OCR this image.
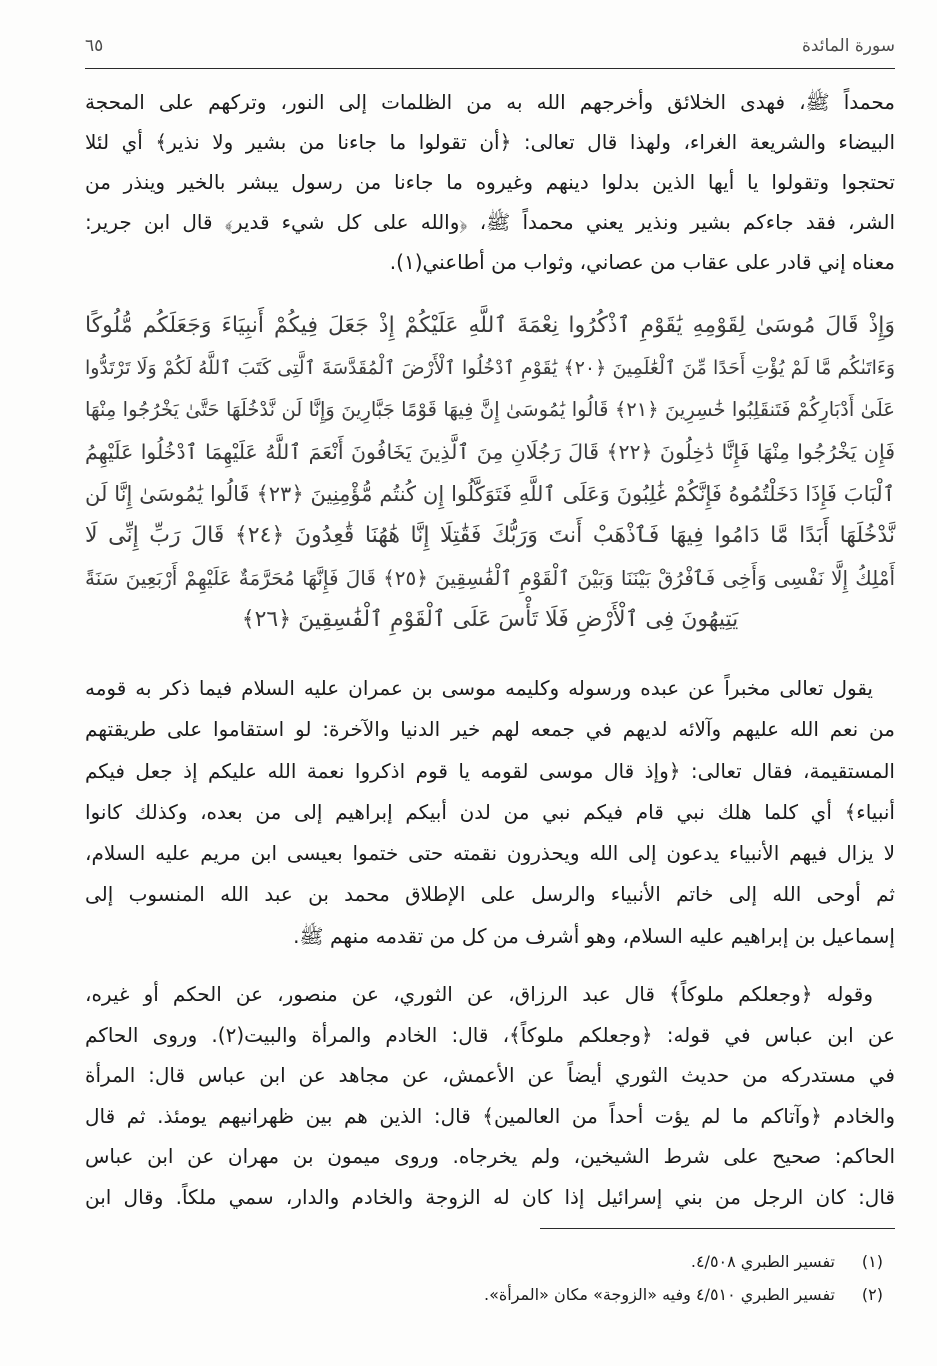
سورة المائدة
٦٥
محمداً ﷺ، فهدى الخلائق وأخرجهم الله به من الظلمات إلى النور، وتركهم على المحجة
البيضاء والشريعة الغراء، ولهذا قال تعالى: ﴿أن تقولوا ما جاءنا من بشير ولا نذير﴾ أي لئلا
تحتجوا وتقولوا يا أيها الذين بدلوا دينهم وغيروه ما جاءنا من رسول يبشر بالخير وينذر من
الشر، فقد جاءكم بشير ونذير يعني محمداً ﷺ، ﴿والله على كل شيء قدير﴾ قال ابن جرير:
معناه إني قادر على عقاب من عصاني، وثواب من أطاعني(١).
وَإِذْ قَالَ مُوسَىٰ لِقَوْمِهِ يَٰقَوْمِ ٱذْكُرُوا نِعْمَةَ ٱللَّهِ عَلَيْكُمْ إِذْ جَعَلَ فِيكُمْ أَنبِيَاءَ وَجَعَلَكُم مُّلُوكًا
وَءَاتَىٰكُم مَّا لَمْ يُؤْتِ أَحَدًا مِّنَ ٱلْعَٰلَمِينَ ﴿٢٠﴾ يَٰقَوْمِ ٱدْخُلُوا ٱلْأَرْضَ ٱلْمُقَدَّسَةَ ٱلَّتِى كَتَبَ ٱللَّهُ لَكُمْ وَلَا تَرْتَدُّوا
عَلَىٰ أَدْبَارِكُمْ فَتَنقَلِبُوا خَٰسِرِينَ ﴿٢١﴾ قَالُوا يَٰمُوسَىٰ إِنَّ فِيهَا قَوْمًا جَبَّارِينَ وَإِنَّا لَن نَّدْخُلَهَا حَتَّىٰ يَخْرُجُوا مِنْهَا
فَإِن يَخْرُجُوا مِنْهَا فَإِنَّا دَٰخِلُونَ ﴿٢٢﴾ قَالَ رَجُلَانِ مِنَ ٱلَّذِينَ يَخَافُونَ أَنْعَمَ ٱللَّهُ عَلَيْهِمَا ٱدْخُلُوا عَلَيْهِمُ
ٱلْبَابَ فَإِذَا دَخَلْتُمُوهُ فَإِنَّكُمْ غَٰلِبُونَ وَعَلَى ٱللَّهِ فَتَوَكَّلُوا إِن كُنتُم مُّؤْمِنِينَ ﴿٢٣﴾ قَالُوا يَٰمُوسَىٰ إِنَّا لَن
نَّدْخُلَهَا أَبَدًا مَّا دَامُوا فِيهَا فَٱذْهَبْ أَنتَ وَرَبُّكَ فَقَٰتِلَا إِنَّا هَٰهُنَا قَٰعِدُونَ ﴿٢٤﴾ قَالَ رَبِّ إِنِّى لَا
أَمْلِكُ إِلَّا نَفْسِى وَأَخِى فَٱفْرُقْ بَيْنَنَا وَبَيْنَ ٱلْقَوْمِ ٱلْفَٰسِقِينَ ﴿٢٥﴾ قَالَ فَإِنَّهَا مُحَرَّمَةٌ عَلَيْهِمْ أَرْبَعِينَ سَنَةً
يَتِيهُونَ فِى ٱلْأَرْضِ فَلَا تَأْسَ عَلَى ٱلْقَوْمِ ٱلْفَٰسِقِينَ ﴿٢٦﴾
يقول تعالى مخبراً عن عبده ورسوله وكليمه موسى بن عمران عليه السلام فيما ذكر به قومه
من نعم الله عليهم وآلائه لديهم في جمعه لهم خير الدنيا والآخرة: لو استقاموا على طريقتهم
المستقيمة، فقال تعالى: ﴿وإذ قال موسى لقومه يا قوم اذكروا نعمة الله عليكم إذ جعل فيكم
أنبياء﴾ أي كلما هلك نبي قام فيكم نبي من لدن أبيكم إبراهيم إلى من بعده، وكذلك كانوا
لا يزال فيهم الأنبياء يدعون إلى الله ويحذرون نقمته حتى ختموا بعيسى ابن مريم عليه السلام،
ثم أوحى الله إلى خاتم الأنبياء والرسل على الإطلاق محمد بن عبد الله المنسوب إلى
إسماعيل بن إبراهيم عليه السلام، وهو أشرف من كل من تقدمه منهم ﷺ.
وقوله ﴿وجعلكم ملوكاً﴾ قال عبد الرزاق، عن الثوري، عن منصور، عن الحكم أو غيره،
عن ابن عباس في قوله: ﴿وجعلكم ملوكاً﴾، قال: الخادم والمرأة والبيت(٢). وروى الحاكم
في مستدركه من حديث الثوري أيضاً عن الأعمش، عن مجاهد عن ابن عباس قال: المرأة
والخادم ﴿وآتاكم ما لم يؤت أحداً من العالمين﴾ قال: الذين هم بين ظهرانيهم يومئذ. ثم قال
الحاكم: صحيح على شرط الشيخين، ولم يخرجاه. وروى ميمون بن مهران عن ابن عباس
قال: كان الرجل من بني إسرائيل إذا كان له الزوجة والخادم والدار، سمي ملكاً. وقال ابن
(١)
تفسير الطبري ٤/٥٠٨.
(٢)
تفسير الطبري ٤/٥١٠ وفيه «الزوجة» مكان «المرأة».
